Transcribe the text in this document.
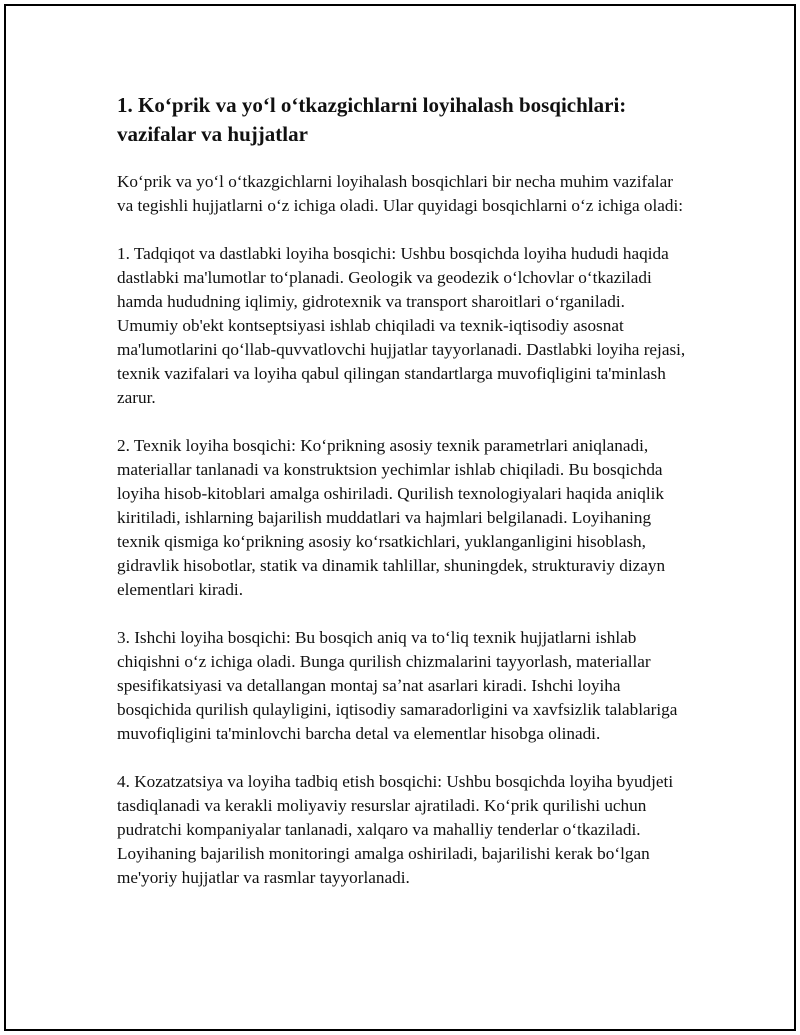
1. Koʻprik va yoʻl oʻtkazgichlarni loyihalash bosqichlari: vazifalar va hujjatlar

Koʻprik va yoʻl oʻtkazgichlarni loyihalash bosqichlari bir necha muhim vazifalar va tegishli hujjatlarni oʻz ichiga oladi. Ular quyidagi bosqichlarni oʻz ichiga oladi:

1. Tadqiqot va dastlabki loyiha bosqichi: Ushbu bosqichda loyiha hududi haqida dastlabki ma'lumotlar toʻplanadi. Geologik va geodezik oʻlchovlar oʻtkaziladi hamda hududning iqlimiy, gidrotexnik va transport sharoitlari oʻrganiladi. Umumiy ob'ekt kontseptsiyasi ishlab chiqiladi va texnik-iqtisodiy asosnat ma'lumotlarini qoʻllab-quvvatlovchi hujjatlar tayyorlanadi. Dastlabki loyiha rejasi, texnik vazifalari va loyiha qabul qilingan standartlarga muvofiqligini ta'minlash zarur.

2. Texnik loyiha bosqichi: Koʻprikning asosiy texnik parametrlari aniqlanadi, materiallar tanlanadi va konstruktsion yechimlar ishlab chiqiladi. Bu bosqichda loyiha hisob-kitoblari amalga oshiriladi. Qurilish texnologiyalari haqida aniqlik kiritiladi, ishlarning bajarilish muddatlari va hajmlari belgilanadi. Loyihaning texnik qismiga koʻprikning asosiy koʻrsatkichlari, yuklanganligini hisoblash, gidravlik hisobotlar, statik va dinamik tahlillar, shuningdek, strukturaviy dizayn elementlari kiradi.

3. Ishchi loyiha bosqichi: Bu bosqich aniq va toʻliq texnik hujjatlarni ishlab chiqishni oʻz ichiga oladi. Bunga qurilish chizmalarini tayyorlash, materiallar spesifikatsiyasi va detallangan montaj saʼnat asarlari kiradi. Ishchi loyiha bosqichida qurilish qulayligini, iqtisodiy samaradorligini va xavfsizlik talablariga muvofiqligini ta'minlovchi barcha detal va elementlar hisobga olinadi.

4. Kozatzatsiya va loyiha tadbiq etish bosqichi: Ushbu bosqichda loyiha byudjeti tasdiqlanadi va kerakli moliyaviy resurslar ajratiladi. Koʻprik qurilishi uchun pudratchi kompaniyalar tanlanadi, xalqaro va mahalliy tenderlar oʻtkaziladi. Loyihaning bajarilish monitoringi amalga oshiriladi, bajarilishi kerak boʻlgan me'yoriy hujjatlar va rasmlar tayyorlanadi.
